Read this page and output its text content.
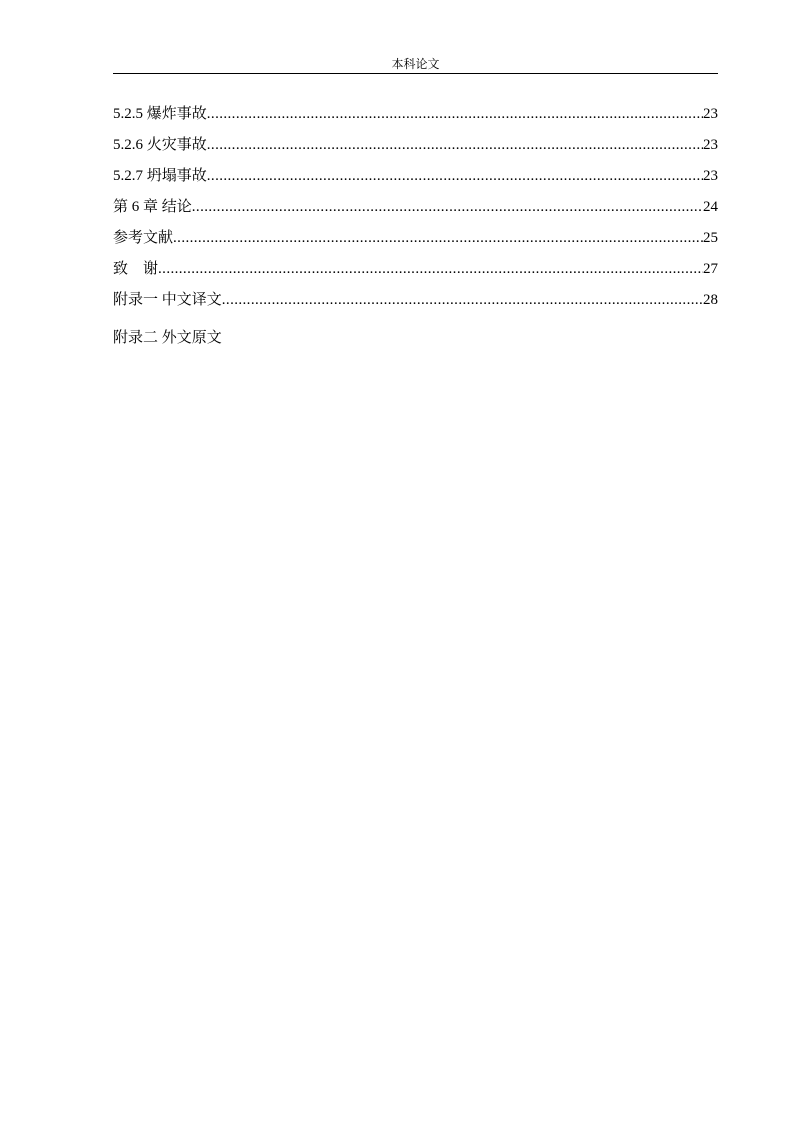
本科论文
5.2.5 爆炸事故 .....	23
5.2.6 火灾事故 .....	23
5.2.7 坍塌事故 .....	23
第 6 章 结论 .....	24
参考文献 .....	25
致    谢 .....	27
附录一 中文译文 .....	28
附录二 外文原文
